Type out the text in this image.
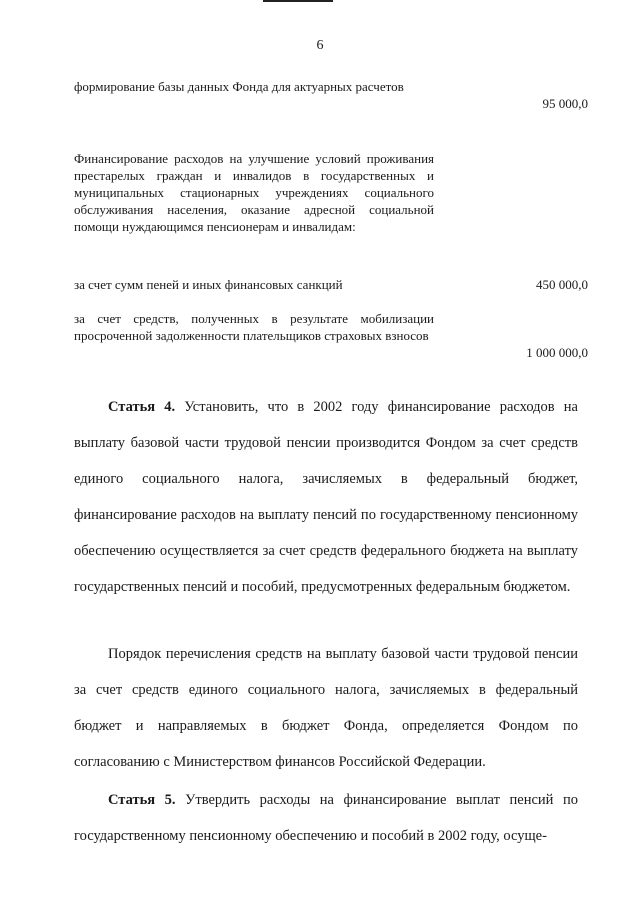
6
формирование базы данных Фонда для актуарных расчетов
95 000,0
Финансирование расходов на улучшение условий проживания престарелых граждан и инвалидов в государственных и муниципальных стационарных учреждениях социального обслуживания населения, оказание адресной социальной помощи нуждающимся пенсионерам и инвалидам:
за счет сумм пеней и иных финансовых санкций	450 000,0
за счет средств, полученных в результате мобилизации просроченной задолженности плательщиков страховых взносов
1 000 000,0

Статья 4. Установить, что в 2002 году финансирование расходов на выплату базовой части трудовой пенсии производится Фондом за счет средств единого социального налога, зачисляемых в федеральный бюджет, финансирование расходов на выплату пенсий по государственному пенсионному обеспечению осуществляется за счет средств федерального бюджета на выплату государственных пенсий и пособий, предусмотренных федеральным бюджетом.

Порядок перечисления средств на выплату базовой части трудовой пенсии за счет средств единого социального налога, зачисляемых в федеральный бюджет и направляемых в бюджет Фонда, определяется Фондом по согласованию с Министерством финансов Российской Федерации.

Статья 5. Утвердить расходы на финансирование выплат пенсий по государственному пенсионному обеспечению и пособий в 2002 году, осуще-
